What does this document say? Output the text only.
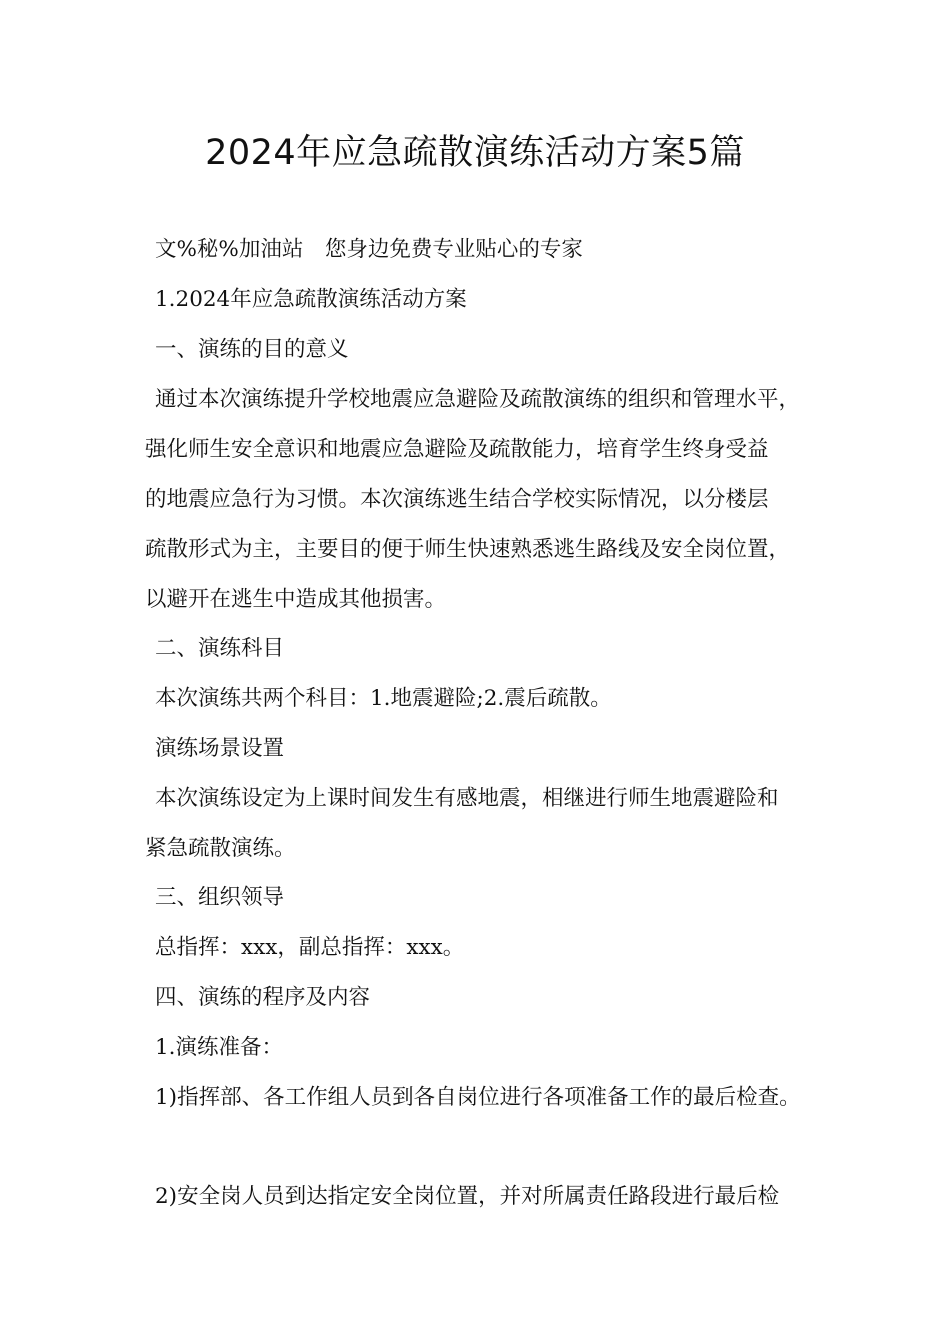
2024年应急疏散演练活动方案5篇

文%秘%加油站　您身边免费专业贴心的专家

1.2024年应急疏散演练活动方案

一、演练的目的意义

通过本次演练提升学校地震应急避险及疏散演练的组织和管理水平，

强化师生安全意识和地震应急避险及疏散能力，培育学生终身受益

的地震应急行为习惯。本次演练逃生结合学校实际情况，以分楼层

疏散形式为主，主要目的便于师生快速熟悉逃生路线及安全岗位置，

以避开在逃生中造成其他损害。

二、演练科目

本次演练共两个科目：1.地震避险;2.震后疏散。

演练场景设置

本次演练设定为上课时间发生有感地震，相继进行师生地震避险和

紧急疏散演练。

三、组织领导

总指挥：xxx，副总指挥：xxx。

四、演练的程序及内容

1.演练准备：

1)指挥部、各工作组人员到各自岗位进行各项准备工作的最后检查。

2)安全岗人员到达指定安全岗位置，并对所属责任路段进行最后检
